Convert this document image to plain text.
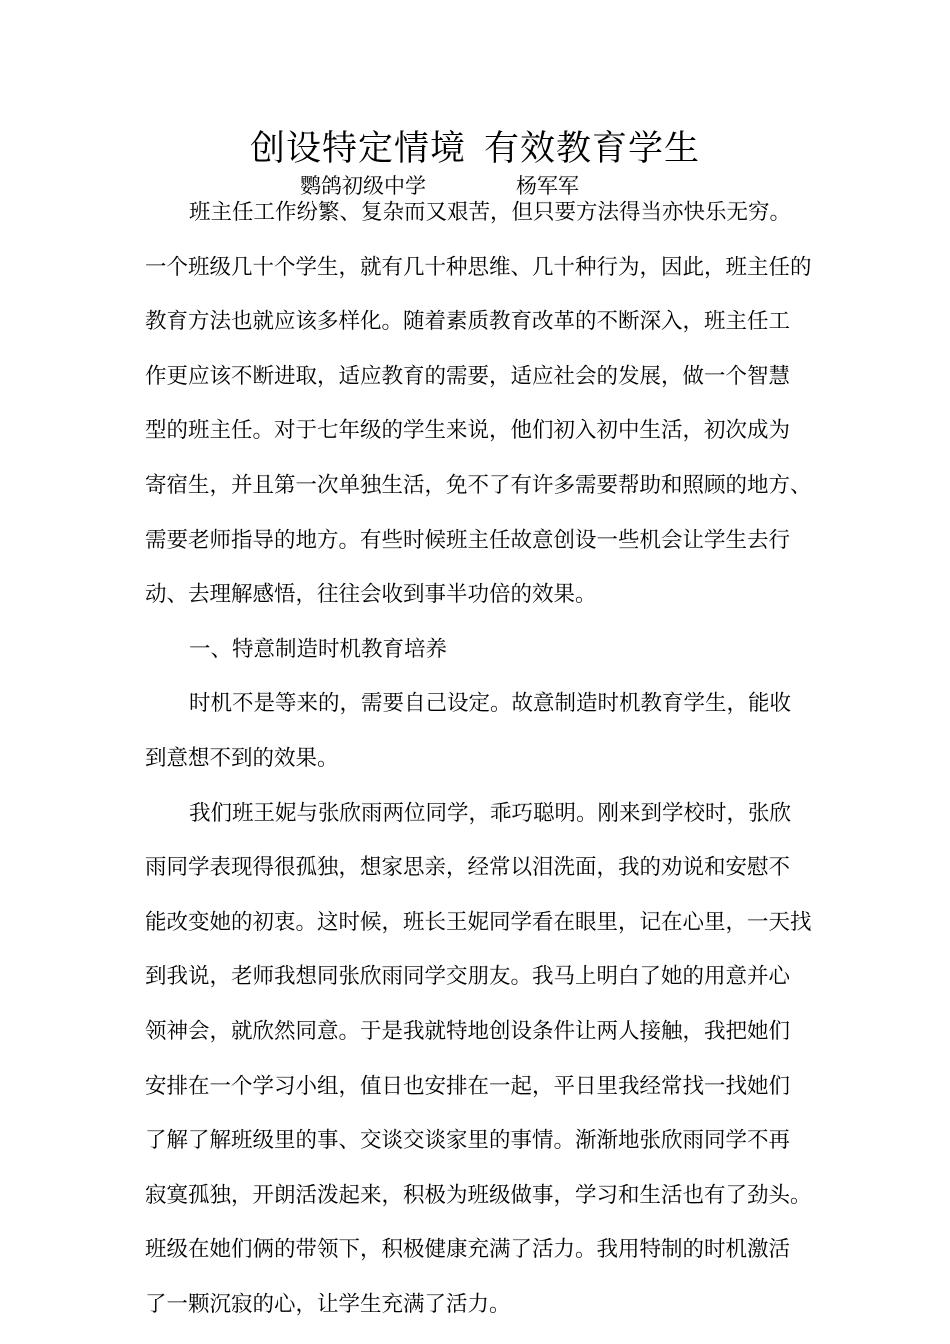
创设特定情境 有效教育学生
鹦鸽初级中学	杨军军
班主任工作纷繁、复杂而又艰苦，但只要方法得当亦快乐无穷。
一个班级几十个学生，就有几十种思维、几十种行为，因此，班主任的
教育方法也就应该多样化。随着素质教育改革的不断深入，班主任工
作更应该不断进取，适应教育的需要，适应社会的发展，做一个智慧
型的班主任。对于七年级的学生来说，他们初入初中生活，初次成为
寄宿生，并且第一次单独生活，免不了有许多需要帮助和照顾的地方、
需要老师指导的地方。有些时候班主任故意创设一些机会让学生去行
动、去理解感悟，往往会收到事半功倍的效果。
一、特意制造时机教育培养
时机不是等来的，需要自己设定。故意制造时机教育学生，能收
到意想不到的效果。
我们班王妮与张欣雨两位同学，乖巧聪明。刚来到学校时，张欣
雨同学表现得很孤独，想家思亲，经常以泪洗面，我的劝说和安慰不
能改变她的初衷。这时候，班长王妮同学看在眼里，记在心里，一天找
到我说，老师我想同张欣雨同学交朋友。我马上明白了她的用意并心
领神会，就欣然同意。于是我就特地创设条件让两人接触，我把她们
安排在一个学习小组，值日也安排在一起，平日里我经常找一找她们
了解了解班级里的事、交谈交谈家里的事情。渐渐地张欣雨同学不再
寂寞孤独，开朗活泼起来，积极为班级做事，学习和生活也有了劲头。
班级在她们俩的带领下，积极健康充满了活力。我用特制的时机激活
了一颗沉寂的心，让学生充满了活力。
